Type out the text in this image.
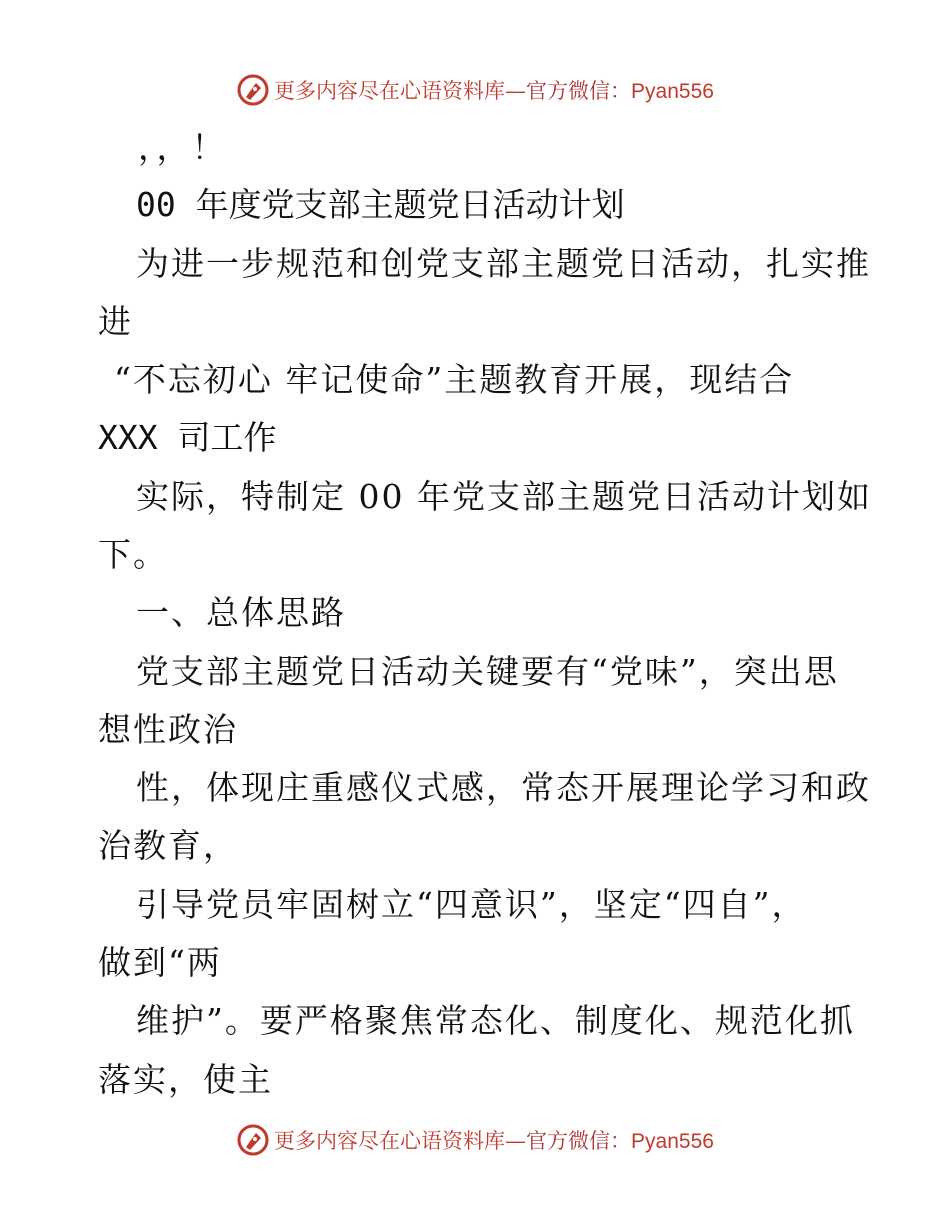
更多内容尽在心语资料库—官方微信：Pyan556
，，！
00 年度党支部主题党日活动计划
为进一步规范和创党支部主题党日活动，扎实推
进
“不忘初心 牢记使命”主题教育开展，现结合
XXX 司工作
实际，特制定 00 年党支部主题党日活动计划如
下。
一、总体思路
党支部主题党日活动关键要有“党味”，突出思
想性政治
性，体现庄重感仪式感，常态开展理论学习和政
治教育，
引导党员牢固树立“四意识”，坚定“四自”，
做到“两
维护”。要严格聚焦常态化、制度化、规范化抓
落实，使主
更多内容尽在心语资料库—官方微信：Pyan556
